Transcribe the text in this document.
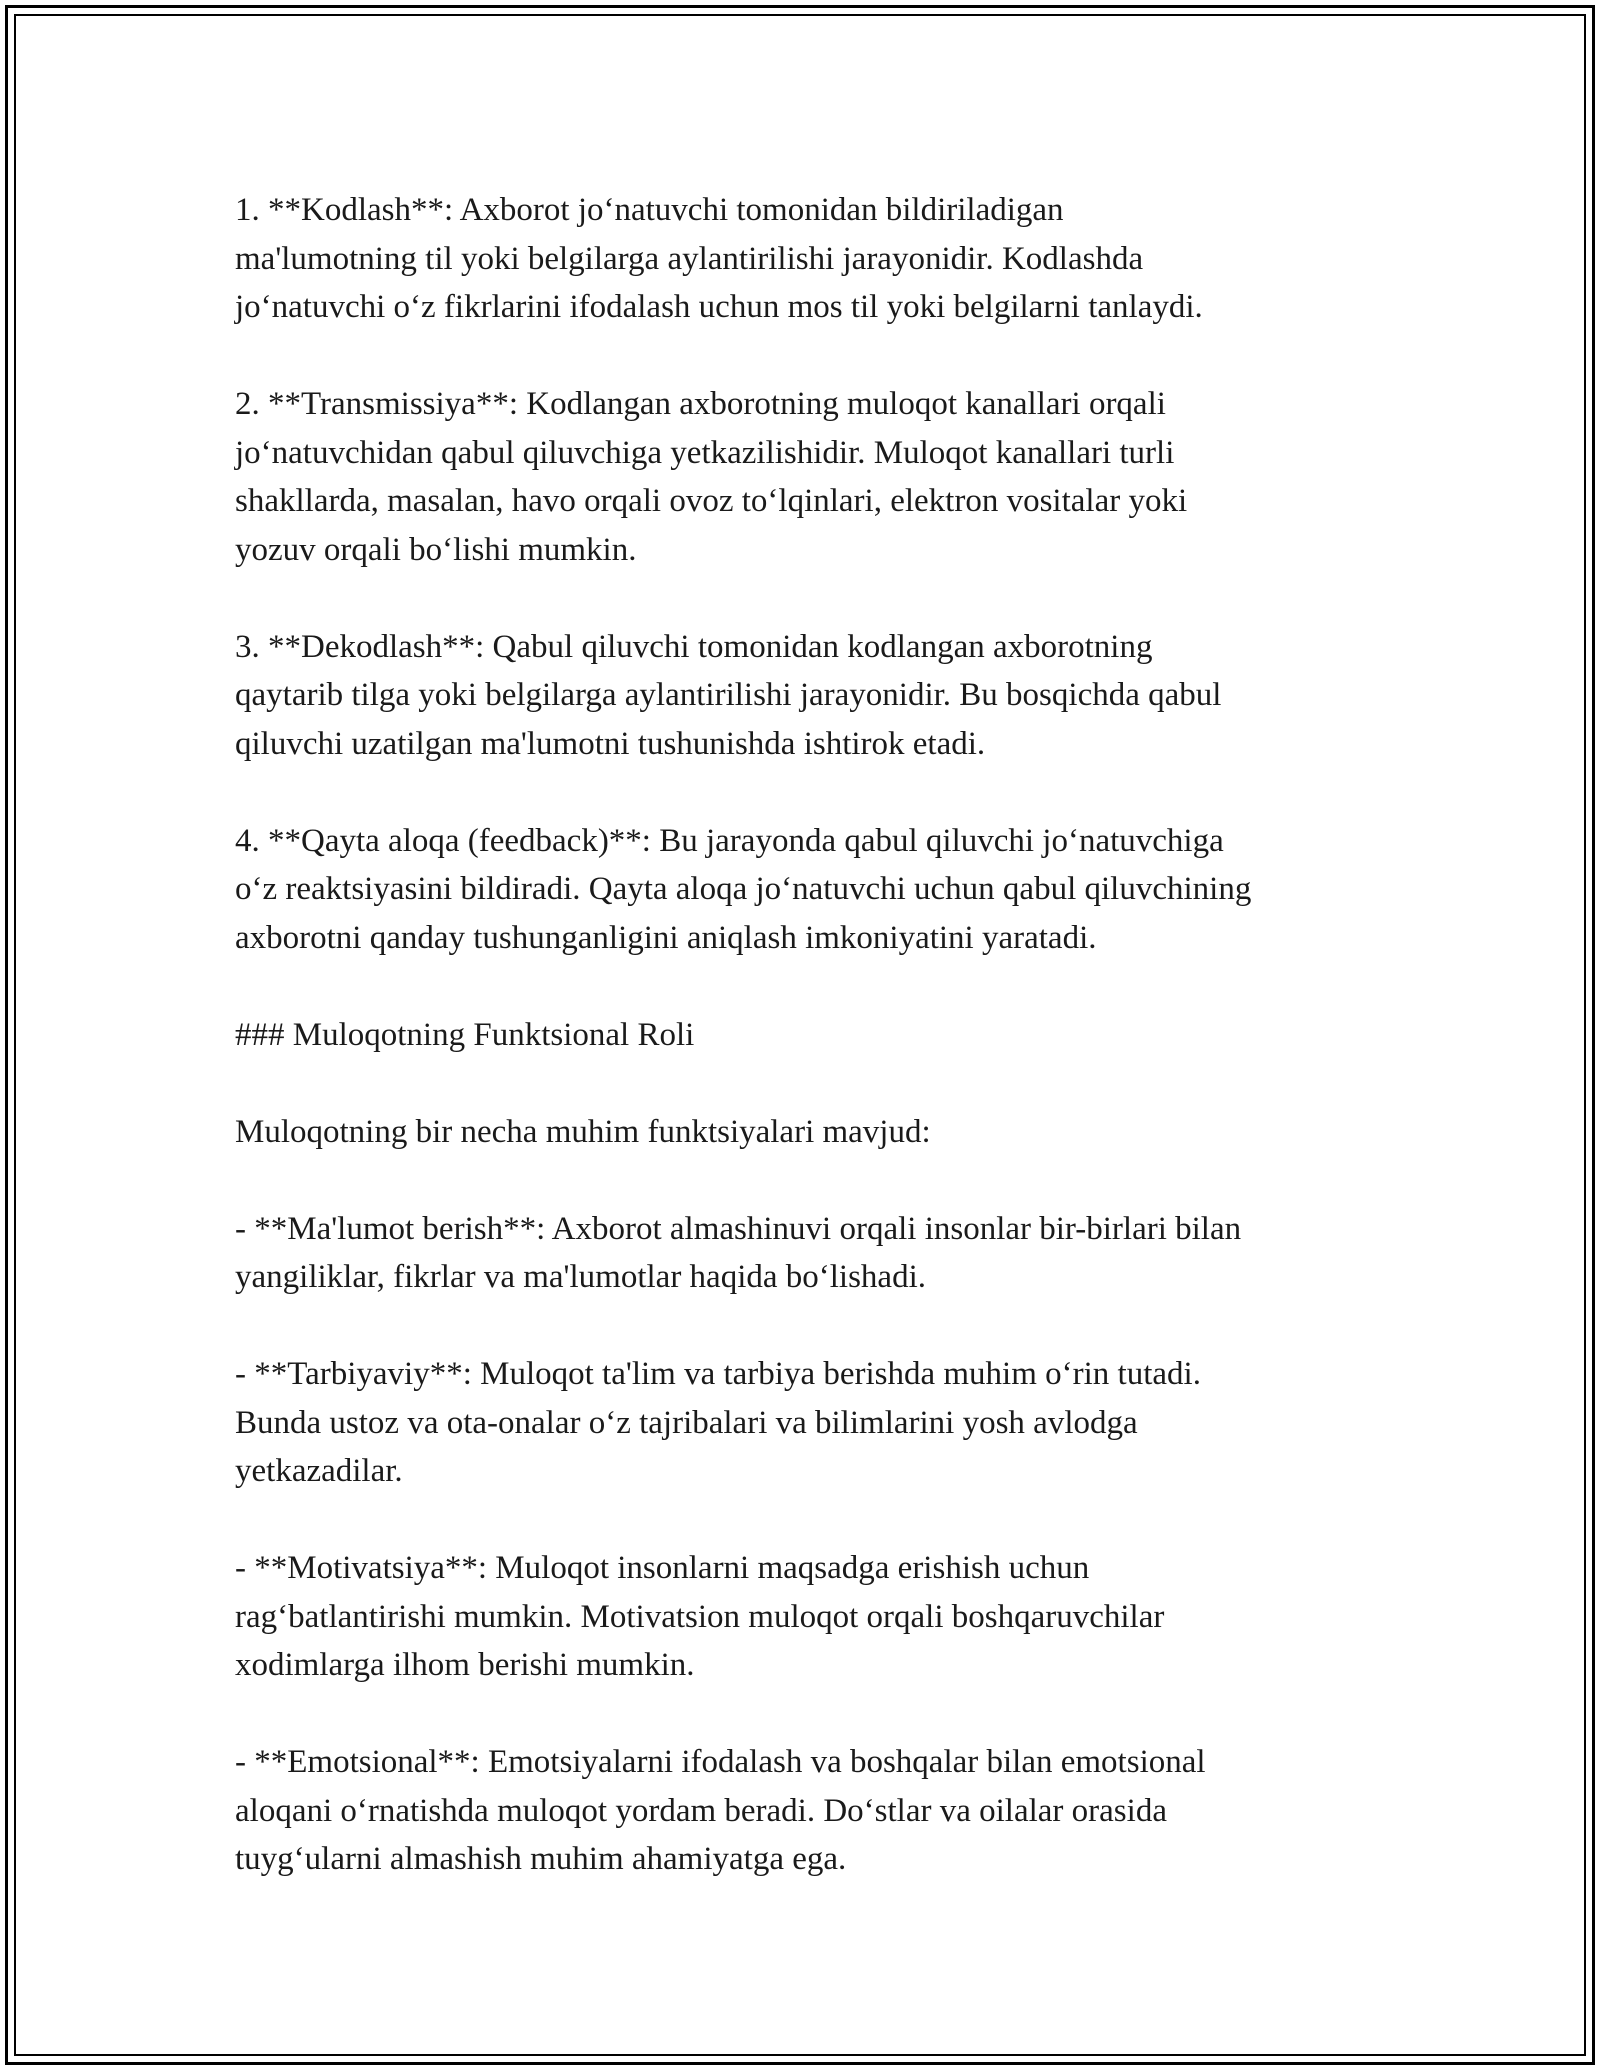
1. **Kodlash**: Axborot jo‘natuvchi tomonidan bildiriladigan
ma'lumotning til yoki belgilarga aylantirilishi jarayonidir. Kodlashda
jo‘natuvchi o‘z fikrlarini ifodalash uchun mos til yoki belgilarni tanlaydi.

2. **Transmissiya**: Kodlangan axborotning muloqot kanallari orqali
jo‘natuvchidan qabul qiluvchiga yetkazilishidir. Muloqot kanallari turli
shakllarda, masalan, havo orqali ovoz to‘lqinlari, elektron vositalar yoki
yozuv orqali bo‘lishi mumkin.

3. **Dekodlash**: Qabul qiluvchi tomonidan kodlangan axborotning
qaytarib tilga yoki belgilarga aylantirilishi jarayonidir. Bu bosqichda qabul
qiluvchi uzatilgan ma'lumotni tushunishda ishtirok etadi.

4. **Qayta aloqa (feedback)**: Bu jarayonda qabul qiluvchi jo‘natuvchiga
o‘z reaktsiyasini bildiradi. Qayta aloqa jo‘natuvchi uchun qabul qiluvchining
axborotni qanday tushunganligini aniqlash imkoniyatini yaratadi.

### Muloqotning Funktsional Roli

Muloqotning bir necha muhim funktsiyalari mavjud:

- **Ma'lumot berish**: Axborot almashinuvi orqali insonlar bir-birlari bilan
yangiliklar, fikrlar va ma'lumotlar haqida bo‘lishadi.

- **Tarbiyaviy**: Muloqot ta'lim va tarbiya berishda muhim o‘rin tutadi.
Bunda ustoz va ota-onalar o‘z tajribalari va bilimlarini yosh avlodga
yetkazadilar.

- **Motivatsiya**: Muloqot insonlarni maqsadga erishish uchun
rag‘batlantirishi mumkin. Motivatsion muloqot orqali boshqaruvchilar
xodimlarga ilhom berishi mumkin.

- **Emotsional**: Emotsiyalarni ifodalash va boshqalar bilan emotsional
aloqani o‘rnatishda muloqot yordam beradi. Do‘stlar va oilalar orasida
tuyg‘ularni almashish muhim ahamiyatga ega.
